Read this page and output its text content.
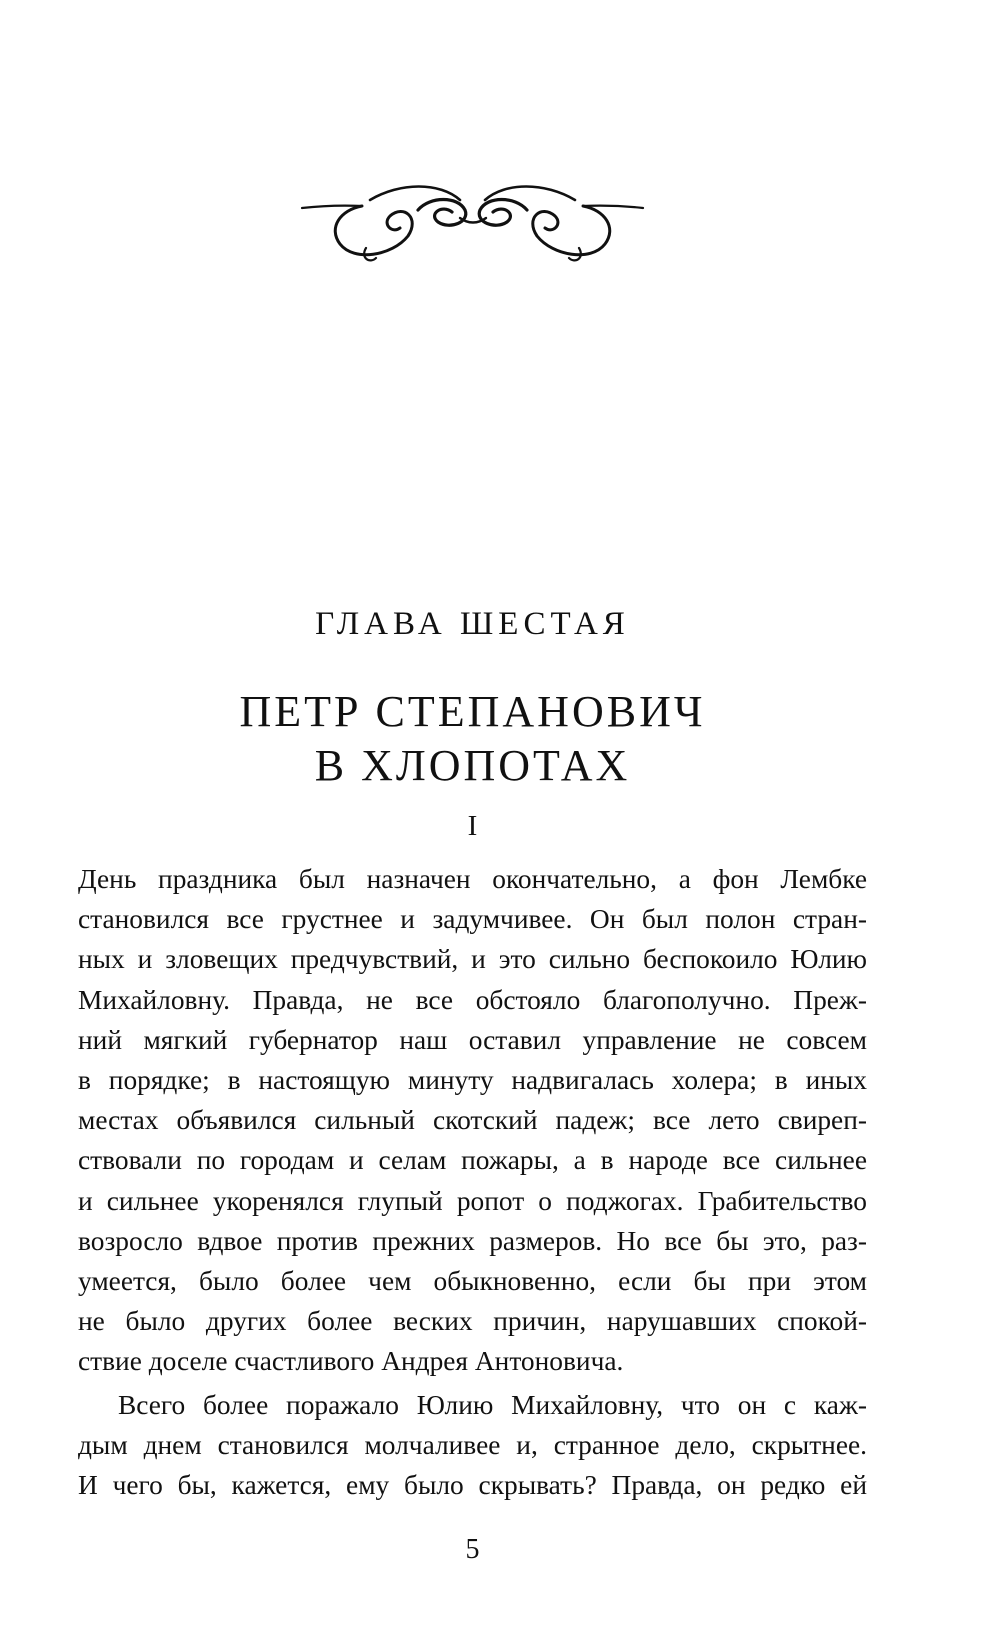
ГЛАВА ШЕСТАЯ
ПЕТР СТЕПАНОВИЧ
В ХЛОПОТАХ
I
День праздника был назначен окончательно, а фон Лембке
становился все грустнее и задумчивее. Он был полон стран-
ных и зловещих предчувствий, и это сильно беспокоило Юлию
Михайловну. Правда, не все обстояло благополучно. Преж-
ний мягкий губернатор наш оставил управление не совсем
в порядке; в настоящую минуту надвигалась холера; в иных
местах объявился сильный скотский падеж; все лето свиреп-
ствовали по городам и селам пожары, а в народе все сильнее
и сильнее укоренялся глупый ропот о поджогах. Грабительство
возросло вдвое против прежних размеров. Но все бы это, раз-
умеется, было более чем обыкновенно, если бы при этом
не было других более веских причин, нарушавших спокой-
ствие доселе счастливого Андрея Антоновича.
Всего более поражало Юлию Михайловну, что он с каж-
дым днем становился молчаливее и, странное дело, скрытнее.
И чего бы, кажется, ему было скрывать? Правда, он редко ей
5
